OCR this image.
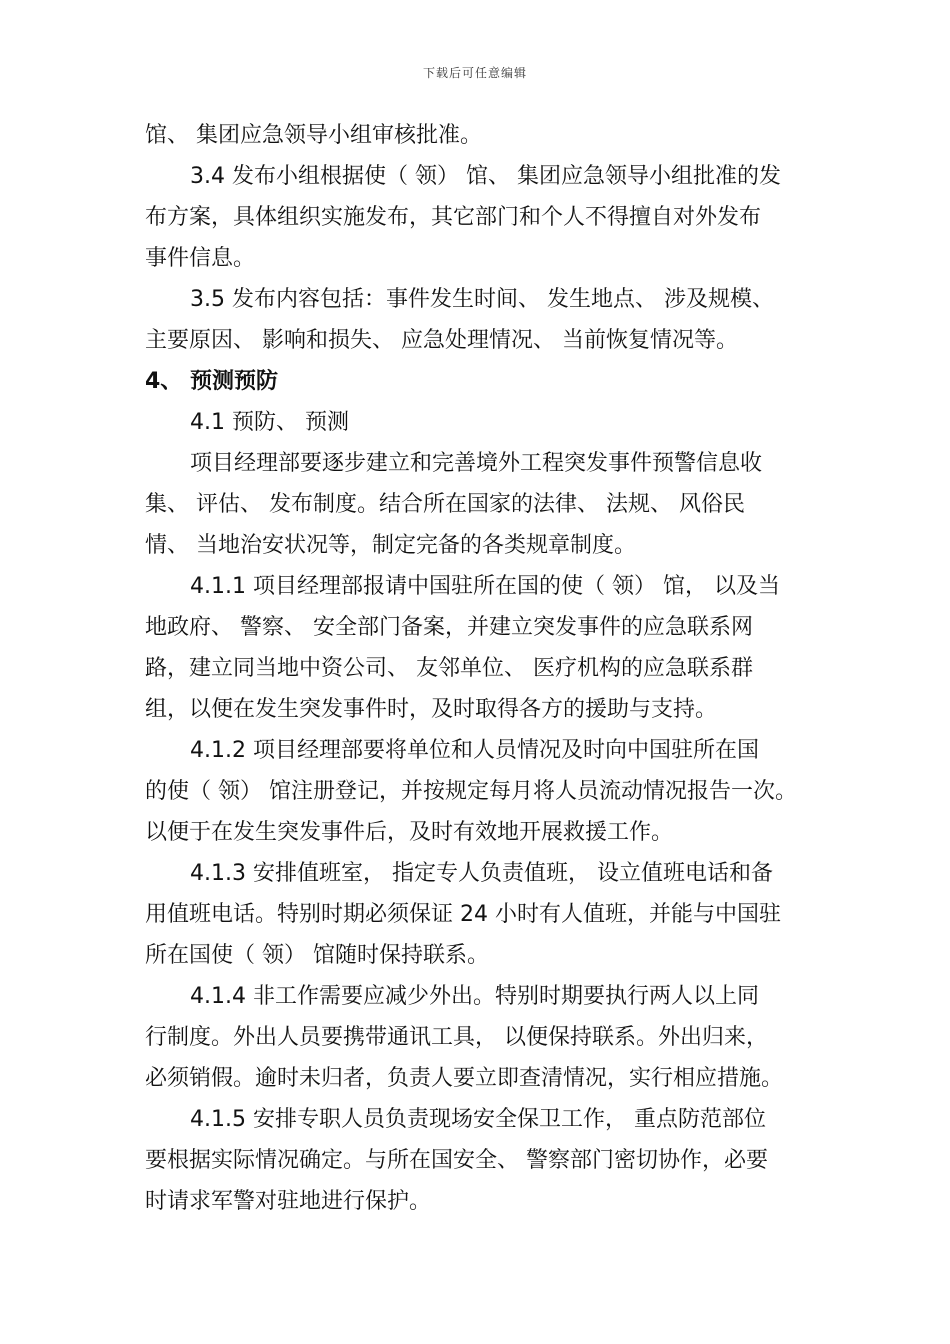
下载后可任意编辑

馆、 集团应急领导小组审核批准。

3.4 发布小组根据使（ 领） 馆、 集团应急领导小组批准的发

布方案，具体组织实施发布，其它部门和个人不得擅自对外发布

事件信息。

3.5 发布内容包括：事件发生时间、 发生地点、 涉及规模、

主要原因、 影响和损失、 应急处理情况、 当前恢复情况等。

4、 预测预防

4.1 预防、 预测

项目经理部要逐步建立和完善境外工程突发事件预警信息收

集、 评估、 发布制度。结合所在国家的法律、 法规、 风俗民

情、 当地治安状况等，制定完备的各类规章制度。

4.1.1 项目经理部报请中国驻所在国的使（ 领） 馆， 以及当

地政府、 警察、 安全部门备案，并建立突发事件的应急联系网

路，建立同当地中资公司、 友邻单位、 医疗机构的应急联系群

组，以便在发生突发事件时，及时取得各方的援助与支持。

4.1.2 项目经理部要将单位和人员情况及时向中国驻所在国

的使（ 领） 馆注册登记，并按规定每月将人员流动情况报告一次。

以便于在发生突发事件后，及时有效地开展救援工作。

4.1.3 安排值班室， 指定专人负责值班， 设立值班电话和备

用值班电话。特别时期必须保证 24 小时有人值班，并能与中国驻

所在国使（ 领） 馆随时保持联系。

4.1.4 非工作需要应减少外出。特别时期要执行两人以上同

行制度。外出人员要携带通讯工具， 以便保持联系。外出归来，

必须销假。逾时未归者，负责人要立即查清情况，实行相应措施。

4.1.5 安排专职人员负责现场安全保卫工作， 重点防范部位

要根据实际情况确定。与所在国安全、 警察部门密切协作，必要

时请求军警对驻地进行保护。
